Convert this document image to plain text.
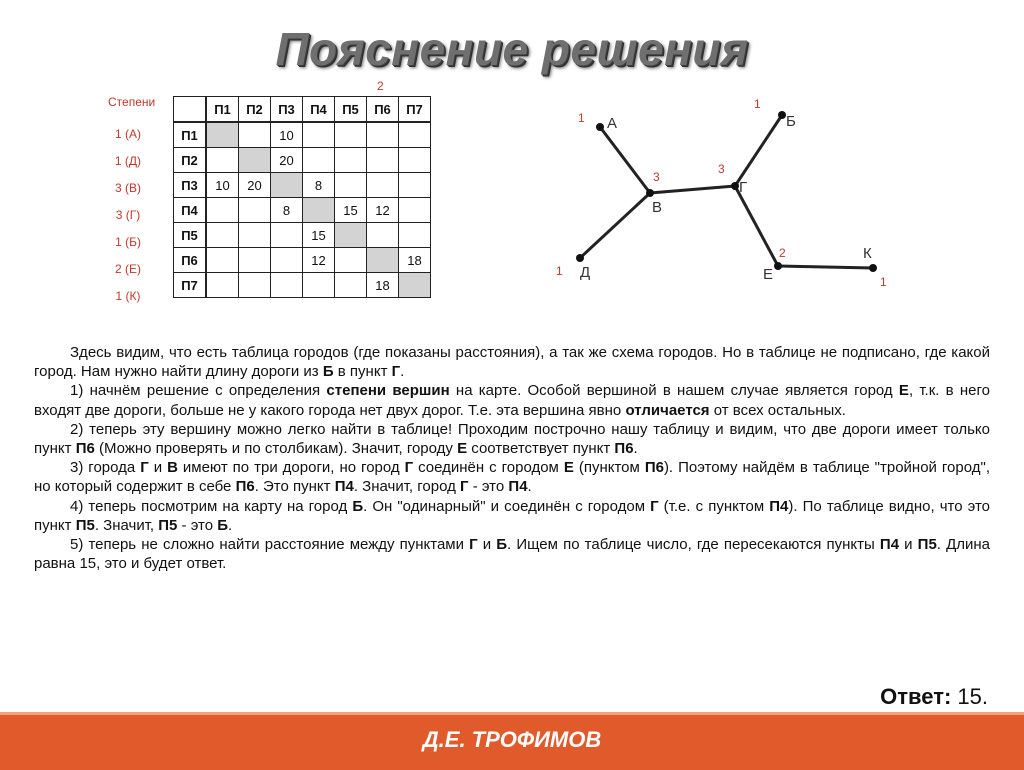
Пояснение решения
Степени
2
1 (А)
1 (Д)
3 (В)
3 (Г)
1 (Б)
2 (Е)
1 (К)
	П1	П2	П3	П4	П5	П6	П7
П1			10				
П2			20				
П3	10	20		8			
П4			8		15	12	
П5				15			
П6				12			18
П7						18	
А
В
Г
Д
Б
Е
К
1
3
3
1
1
2
1

Здесь видим, что есть таблица городов (где показаны расстояния), а так же схема городов. Но в таблице не подписано, где какой город. Нам нужно найти длину дороги из Б в пункт Г.

1) начнём решение с определения степени вершин на карте. Особой вершиной в нашем случае является город Е, т.к. в него входят две дороги, больше не у какого города нет двух дорог. Т.е. эта вершина явно отличается от всех остальных.

2) теперь эту вершину можно легко найти в таблице! Проходим построчно нашу таблицу и видим, что две дороги имеет только пункт П6 (Можно проверять и по столбикам). Значит, городу Е соответствует пункт П6.

3) города Г и В имеют по три дороги, но город Г соединён с городом Е (пунктом П6). Поэтому найдём в таблице "тройной город", но который содержит в себе П6. Это пункт П4. Значит, город Г - это П4.

4) теперь посмотрим на карту на город Б. Он "одинарный" и соединён с городом Г (т.е. с пунктом П4). По таблице видно, что это пункт П5. Значит, П5 - это Б.

5) теперь не сложно найти расстояние между пунктами Г и Б. Ищем по таблице число, где пересекаются пункты П4 и П5. Длина равна 15, это и будет ответ.

Ответ: 15.
Д.Е. ТРОФИМОВ
